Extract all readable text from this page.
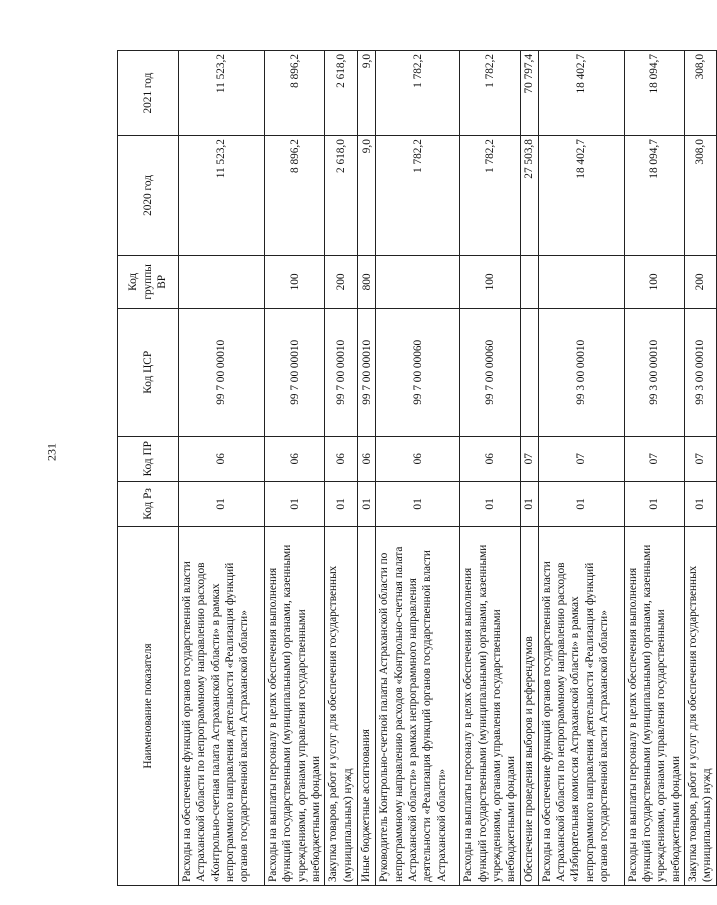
231
Наименование показателя	Код Рз	Код ПР	Код ЦСР	Код группы ВР	2020 год	2021 год
Расходы на обеспечение функций органов государственной власти Астраханской области по непрограммному направлению расходов «Контрольно-счетная палата Астраханской области» в рамках непрограммного направления деятельности «Реализация функций органов государственной власти Астраханской области»	01	06	99 7 00 00010		11 523,2	11 523,2
Расходы на выплаты персоналу в целях обеспечения выполнения функций государственными (муниципальными) органами, казенными учреждениями, органами управления государственными внебюджетными фондами	01	06	99 7 00 00010	100	8 896,2	8 896,2
Закупка товаров, работ и услуг для обеспечения государственных (муниципальных) нужд	01	06	99 7 00 00010	200	2 618,0	2 618,0
Иные бюджетные ассигнования	01	06	99 7 00 00010	800	9,0	9,0
Руководитель Контрольно-счетной палаты Астраханской области по непрограммному направлению расходов «Контрольно-счетная палата Астраханской области» в рамках непрограммного направления деятельности «Реализация функций органов государственной власти Астраханской области»	01	06	99 7 00 00060		1 782,2	1 782,2
Расходы на выплаты персоналу в целях обеспечения выполнения функций государственными (муниципальными) органами, казенными учреждениями, органами управления государственными внебюджетными фондами	01	06	99 7 00 00060	100	1 782,2	1 782,2
Обеспечение проведения выборов и референдумов	01	07			27 503,8	70 797,4
Расходы на обеспечение функций органов государственной власти Астраханской области по непрограммному направлению расходов «Избирательная комиссия Астраханской области» в рамках непрограммного направления деятельности «Реализация функций органов государственной власти Астраханской области»	01	07	99 3 00 00010		18 402,7	18 402,7
Расходы на выплаты персоналу в целях обеспечения выполнения функций государственными (муниципальными) органами, казенными учреждениями, органами управления государственными внебюджетными фондами	01	07	99 3 00 00010	100	18 094,7	18 094,7
Закупка товаров, работ и услуг для обеспечения государственных (муниципальных) нужд	01	07	99 3 00 00010	200	308,0	308,0
